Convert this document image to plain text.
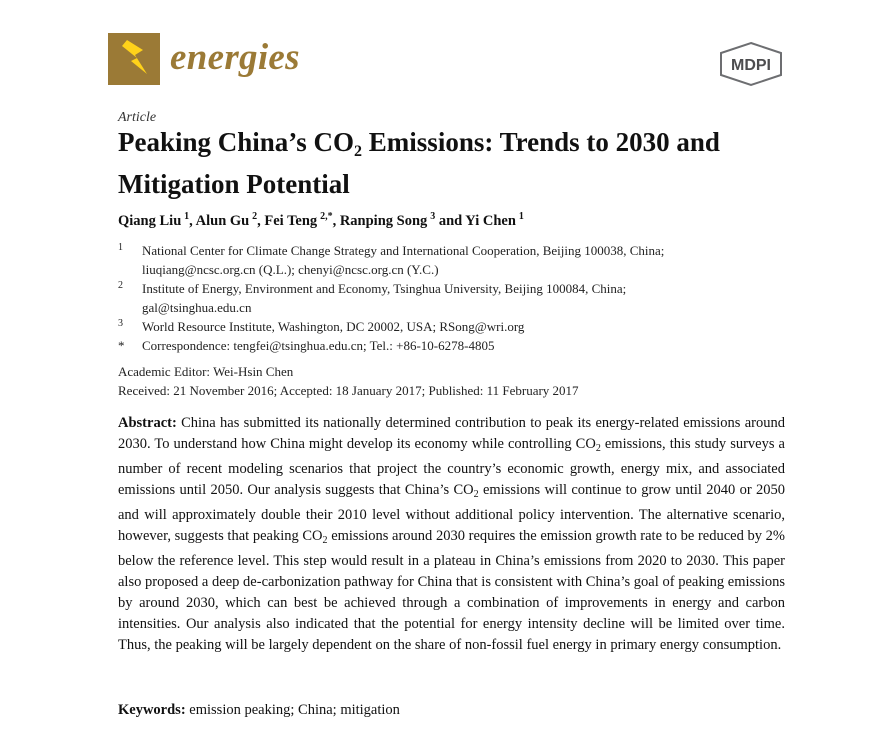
energies	MDPI
Article
Peaking China’s $CO_2$ Emissions: Trends to 2030 and
Mitigation Potential
Qiang Liu  $^1$, Alun Gu  $^2$, Fei Teng  $^{2,*}$, Ranping Song  $^3$ and Yi Chen  $^1$
1	National Center for Climate Change Strategy and International Cooperation, Beijing 100038, China;
liuqiang@ncsc.org.cn (Q.L.); chenyi@ncsc.org.cn (Y.C.)
2	Institute of Energy, Environment and Economy, Tsinghua University, Beijing 100084, China;
gal@tsinghua.edu.cn
3	World Resource Institute, Washington, DC 20002, USA; RSong@wri.org
*	Correspondence: tengfei@tsinghua.edu.cn; Tel.: +86-10-6278-4805
Academic Editor: Wei-Hsin Chen
Received: 21 November 2016; Accepted: 18 January 2017; Published: 11 February 2017
Abstract: China has submitted its nationally determined contribution to peak its energy-related emissions around 2030. To understand how China might develop its economy while controlling $CO_2$ emissions, this study surveys a number of recent modeling scenarios that project the country’s economic growth, energy mix, and associated emissions until 2050. Our analysis suggests that China’s $CO_2$ emissions will continue to grow until 2040 or 2050 and will approximately double their 2010 level without additional policy intervention. The alternative scenario, however, suggests that peaking $CO_2$ emissions around 2030 requires the emission growth rate to be reduced by 2% below the reference level. This step would result in a plateau in China’s emissions from 2020 to 2030. This paper also proposed a deep de-carbonization pathway for China that is consistent with China’s goal of peaking emissions by around 2030, which can best be achieved through a combination of improvements in energy and carbon intensities. Our analysis also indicated that the potential for energy intensity decline will be limited over time. Thus, the peaking will be largely dependent on the share of non-fossil fuel energy in primary energy consumption.
Keywords: emission peaking; China; mitigation
